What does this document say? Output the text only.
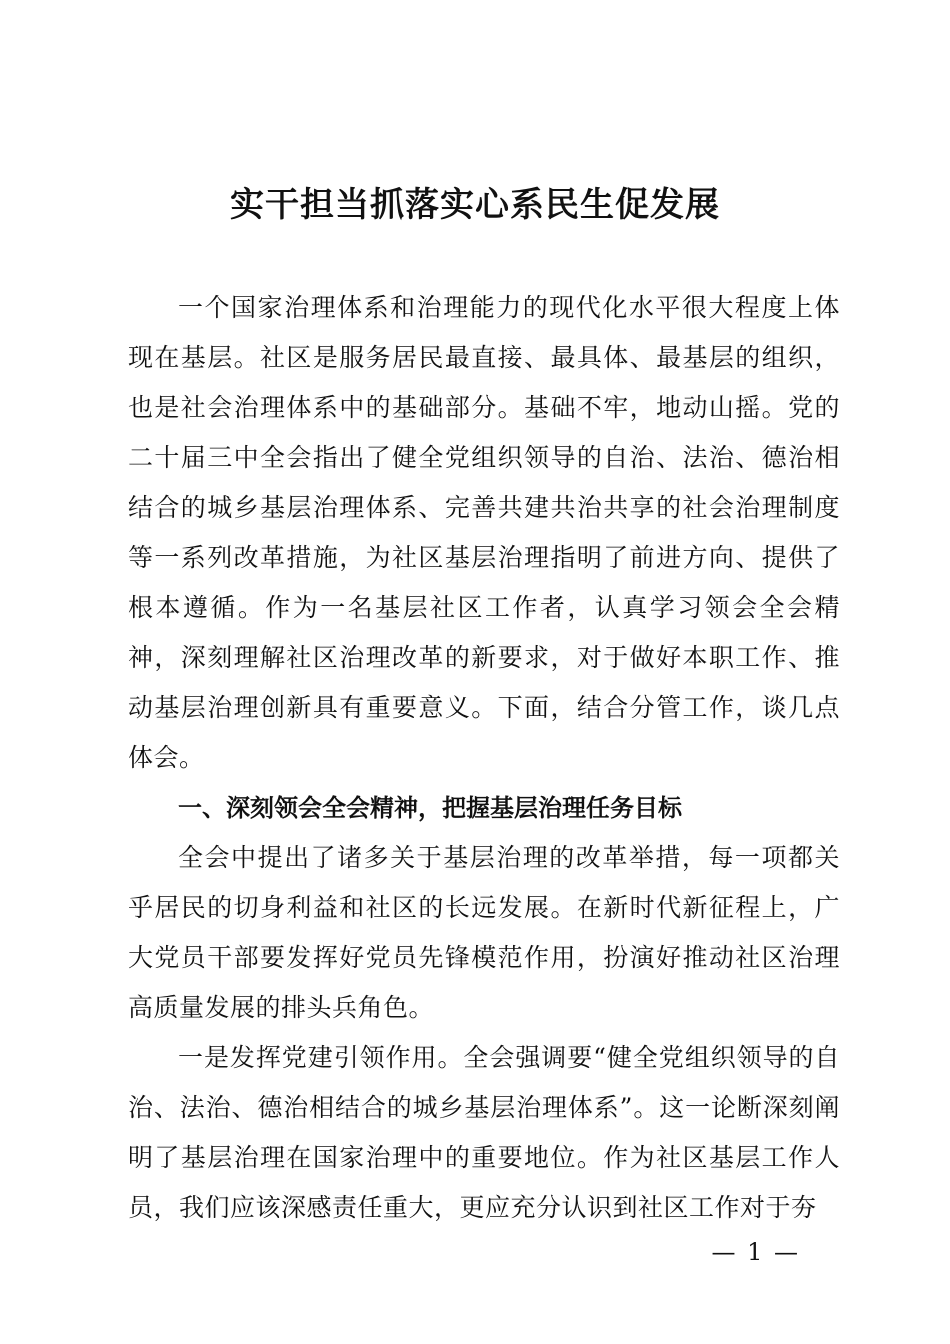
实干担当抓落实心系民生促发展

一个国家治理体系和治理能力的现代化水平很大程度上体现在基层。社区是服务居民最直接、最具体、最基层的组织，也是社会治理体系中的基础部分。基础不牢，地动山摇。党的二十届三中全会指出了健全党组织领导的自治、法治、德治相结合的城乡基层治理体系、完善共建共治共享的社会治理制度等一系列改革措施，为社区基层治理指明了前进方向、提供了根本遵循。作为一名基层社区工作者，认真学习领会全会精神，深刻理解社区治理改革的新要求，对于做好本职工作、推动基层治理创新具有重要意义。下面，结合分管工作，谈几点体会。

一、深刻领会全会精神，把握基层治理任务目标

全会中提出了诸多关于基层治理的改革举措，每一项都关乎居民的切身利益和社区的长远发展。在新时代新征程上，广大党员干部要发挥好党员先锋模范作用，扮演好推动社区治理高质量发展的排头兵角色。

一是发挥党建引领作用。全会强调要“健全党组织领导的自治、法治、德治相结合的城乡基层治理体系”。这一论断深刻阐明了基层治理在国家治理中的重要地位。作为社区基层工作人员，我们应该深感责任重大，更应充分认识到社区工作对于夯

— 1 —
